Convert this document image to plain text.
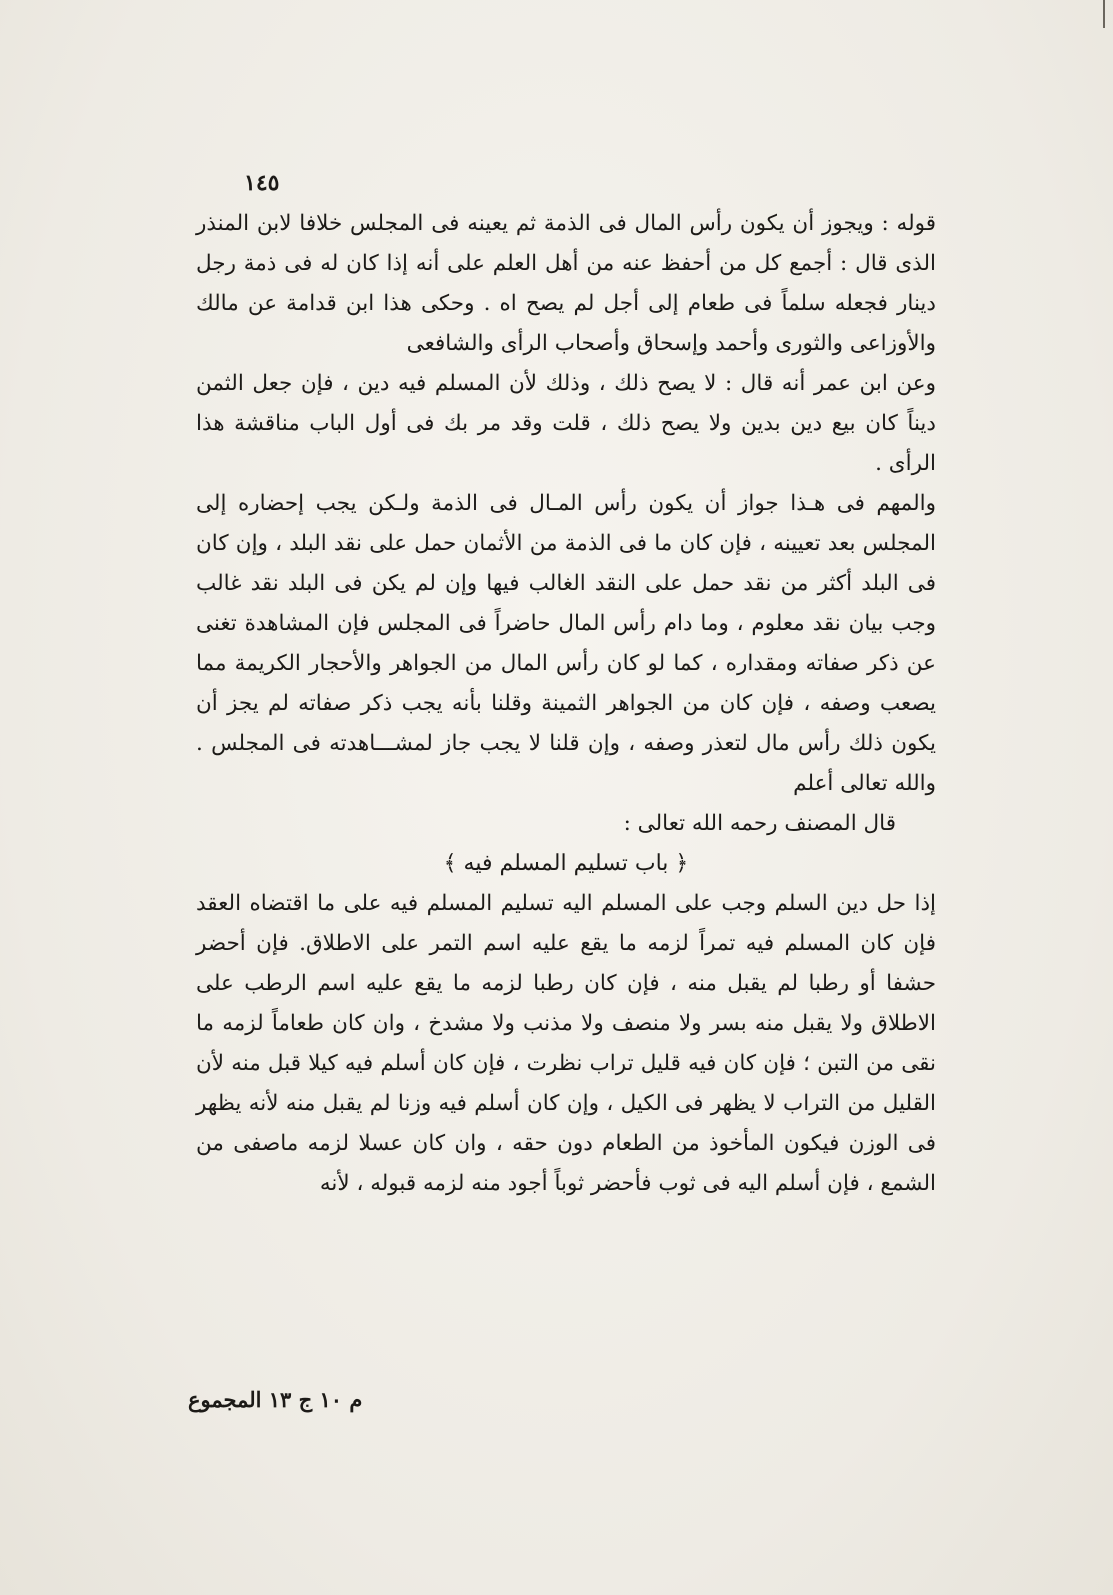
١٤٥

قوله : ويجوز أن يكون رأس المال فى الذمة ثم يعينه فى المجلس خلافا لابن المنذر الذى قال : أجمع كل من أحفظ عنه من أهل العلم على أنه إذا كان له فى ذمة رجل دينار فجعله سلماً فى طعام إلى أجل لم يصح اه . وحكى هذا ابن قدامة عن مالك والأوزاعى والثورى وأحمد وإسحاق وأصحاب الرأى والشافعى

وعن ابن عمر أنه قال : لا يصح ذلك ، وذلك لأن المسلم فيه دين ، فإن جعل الثمن ديناً كان بيع دين بدين ولا يصح ذلك ، قلت وقد مر بك فى أول الباب مناقشة هذا الرأى .

والمهم فى هـذا جواز أن يكون رأس المـال فى الذمة ولـكن يجب إحضاره إلى المجلس بعد تعيينه ، فإن كان ما فى الذمة من الأثمان حمل على نقد البلد ، وإن كان فى البلد أكثر من نقد حمل على النقد الغالب فيها وإن لم يكن فى البلد نقد غالب وجب بيان نقد معلوم ، وما دام رأس المال حاضراً فى المجلس فإن المشاهدة تغنى عن ذكر صفاته ومقداره ، كما لو كان رأس المال من الجواهر والأحجار الكريمة مما يصعب وصفه ، فإن كان من الجواهر الثمينة وقلنا بأنه يجب ذكر صفاته لم يجز أن يكون ذلك رأس مال لتعذر وصفه ، وإن قلنا لا يجب جاز لمشـــاهدته فى المجلس . والله تعالى أعلم

قال المصنف رحمه الله تعالى :

﴿ باب تسليم المسلم فيه ﴾

إذا حل دين السلم وجب على المسلم اليه تسليم المسلم فيه على ما اقتضاه العقد فإن كان المسلم فيه تمراً لزمه ما يقع عليه اسم التمر على الاطلاق. فإن أحضر حشفا أو رطبا لم يقبل منه ، فإن كان رطبا لزمه ما يقع عليه اسم الرطب على الاطلاق ولا يقبل منه بسر ولا منصف ولا مذنب ولا مشدخ ، وان كان طعاماً لزمه ما نقى من التبن ؛ فإن كان فيه قليل تراب نظرت ، فإن كان أسلم فيه كيلا قبل منه لأن القليل من التراب لا يظهر فى الكيل ، وإن كان أسلم فيه وزنا لم يقبل منه لأنه يظهر فى الوزن فيكون المأخوذ من الطعام دون حقه ، وان كان عسلا لزمه ماصفى من الشمع ، فإن أسلم اليه فى ثوب فأحضر ثوباً أجود منه لزمه قبوله ، لأنه

م ١٠ ج ١٣ المجموع
